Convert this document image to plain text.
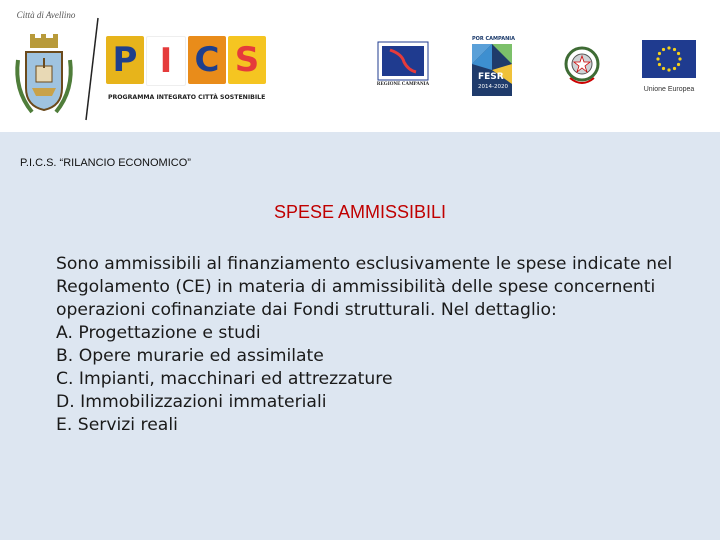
Città di Avellino
P I C S
PROGRAMMA INTEGRATO CITTÀ SOSTENIBILE
REGIONE CAMPANIA
POR CAMPANIA
FESR
2014-2020	Unione Europea
P.I.C.S. “RILANCIO ECONOMICO”
SPESE AMMISSIBILI

Sono ammissibili al finanziamento esclusivamente le spese indicate nel Regolamento (CE) in materia di ammissibilità delle spese concernenti operazioni cofinanziate dai Fondi strutturali. Nel dettaglio:

A. Progettazione e studi
B. Opere murarie ed assimilate
C. Impianti, macchinari ed attrezzature
D. Immobilizzazioni immateriali
E. Servizi reali
